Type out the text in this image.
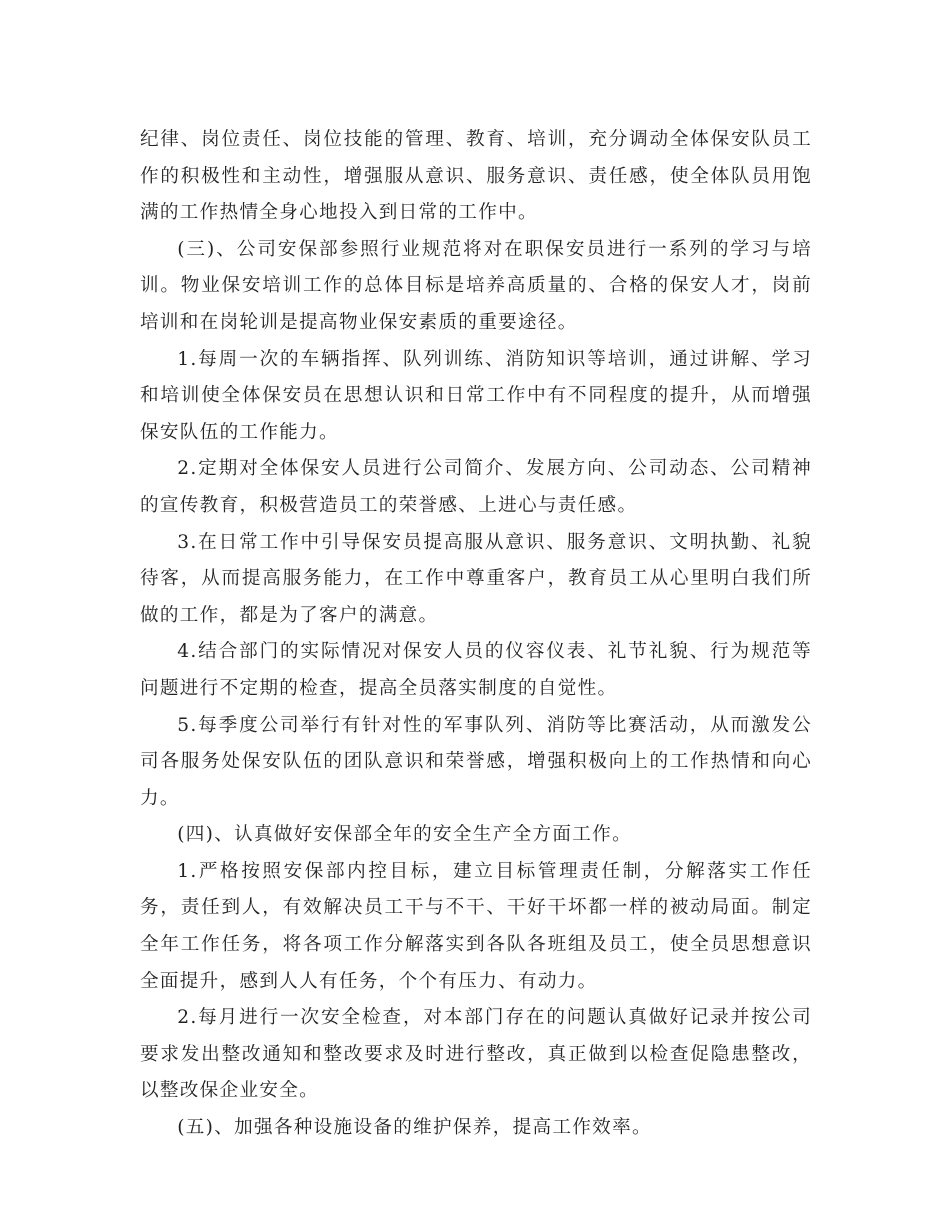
纪律、岗位责任、岗位技能的管理、教育、培训，充分调动全体保安队员工作的积极性和主动性，增强服从意识、服务意识、责任感，使全体队员用饱满的工作热情全身心地投入到日常的工作中。

(三)、公司安保部参照行业规范将对在职保安员进行一系列的学习与培训。物业保安培训工作的总体目标是培养高质量的、合格的保安人才，岗前培训和在岗轮训是提高物业保安素质的重要途径。

1.每周一次的车辆指挥、队列训练、消防知识等培训，通过讲解、学习和培训使全体保安员在思想认识和日常工作中有不同程度的提升，从而增强保安队伍的工作能力。

2.定期对全体保安人员进行公司简介、发展方向、公司动态、公司精神的宣传教育，积极营造员工的荣誉感、上进心与责任感。

3.在日常工作中引导保安员提高服从意识、服务意识、文明执勤、礼貌待客，从而提高服务能力，在工作中尊重客户，教育员工从心里明白我们所做的工作，都是为了客户的满意。

4.结合部门的实际情况对保安人员的仪容仪表、礼节礼貌、行为规范等问题进行不定期的检查，提高全员落实制度的自觉性。

5.每季度公司举行有针对性的军事队列、消防等比赛活动，从而激发公司各服务处保安队伍的团队意识和荣誉感，增强积极向上的工作热情和向心力。

(四)、认真做好安保部全年的安全生产全方面工作。

1.严格按照安保部内控目标，建立目标管理责任制，分解落实工作任务，责任到人，有效解决员工干与不干、干好干坏都一样的被动局面。制定全年工作任务，将各项工作分解落实到各队各班组及员工，使全员思想意识全面提升，感到人人有任务，个个有压力、有动力。

2.每月进行一次安全检查，对本部门存在的问题认真做好记录并按公司要求发出整改通知和整改要求及时进行整改，真正做到以检查促隐患整改，以整改保企业安全。

(五)、加强各种设施设备的维护保养，提高工作效率。
